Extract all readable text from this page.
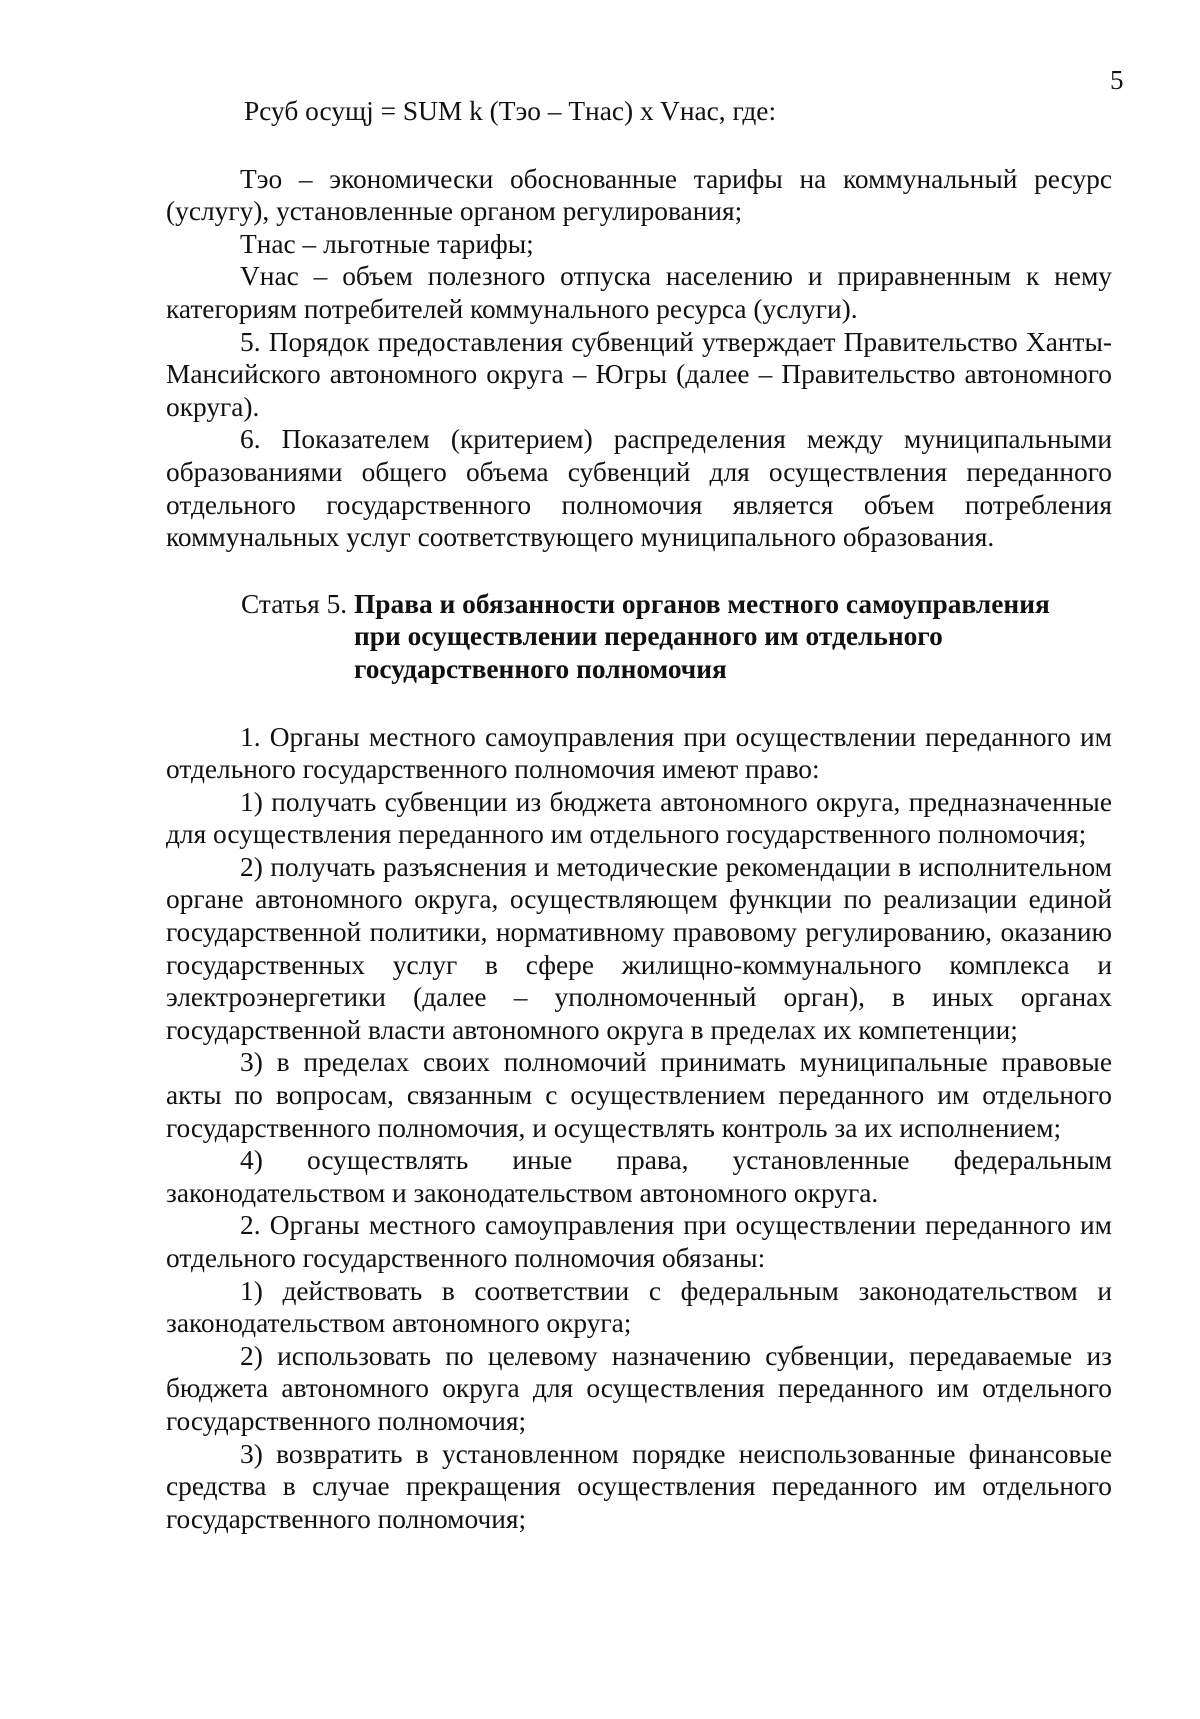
5
Рсуб осущj = SUM k (Тэо – Тнас) x Vнас, где:

Тэо – экономически обоснованные тарифы на коммунальный ресурс (услугу), установленные органом регулирования;

Тнас – льготные тарифы;

Vнас – объем полезного отпуска населению и приравненным к нему категориям потребителей коммунального ресурса (услуги).

5. Порядок предоставления субвенций утверждает Правительство Ханты-Мансийского автономного округа – Югры (далее – Правительство автономного округа).

6. Показателем (критерием) распределения между муниципальными образованиями общего объема субвенций для осуществления переданного отдельного государственного полномочия является объем потребления коммунальных услуг соответствующего муниципального образования.

Статья 5. Права и обязанности органов местного самоуправления при осуществлении переданного им отдельного государственного полномочия

1. Органы местного самоуправления при осуществлении переданного им отдельного государственного полномочия имеют право:

1) получать субвенции из бюджета автономного округа, предназначенные для осуществления переданного им отдельного государственного полномочия;

2) получать разъяснения и методические рекомендации в исполнительном органе автономного округа, осуществляющем функции по реализации единой государственной политики, нормативному правовому регулированию, оказанию государственных услуг в сфере жилищно-коммунального комплекса и электроэнергетики (далее – уполномоченный орган), в иных органах государственной власти автономного округа в пределах их компетенции;

3) в пределах своих полномочий принимать муниципальные правовые акты по вопросам, связанным с осуществлением переданного им отдельного государственного полномочия, и осуществлять контроль за их исполнением;

4) осуществлять иные права, установленные федеральным законодательством и законодательством автономного округа.

2. Органы местного самоуправления при осуществлении переданного им отдельного государственного полномочия обязаны:

1) действовать в соответствии с федеральным законодательством и законодательством автономного округа;

2) использовать по целевому назначению субвенции, передаваемые из бюджета автономного округа для осуществления переданного им отдельного государственного полномочия;

3) возвратить в установленном порядке неиспользованные финансовые средства в случае прекращения осуществления переданного им отдельного государственного полномочия;
